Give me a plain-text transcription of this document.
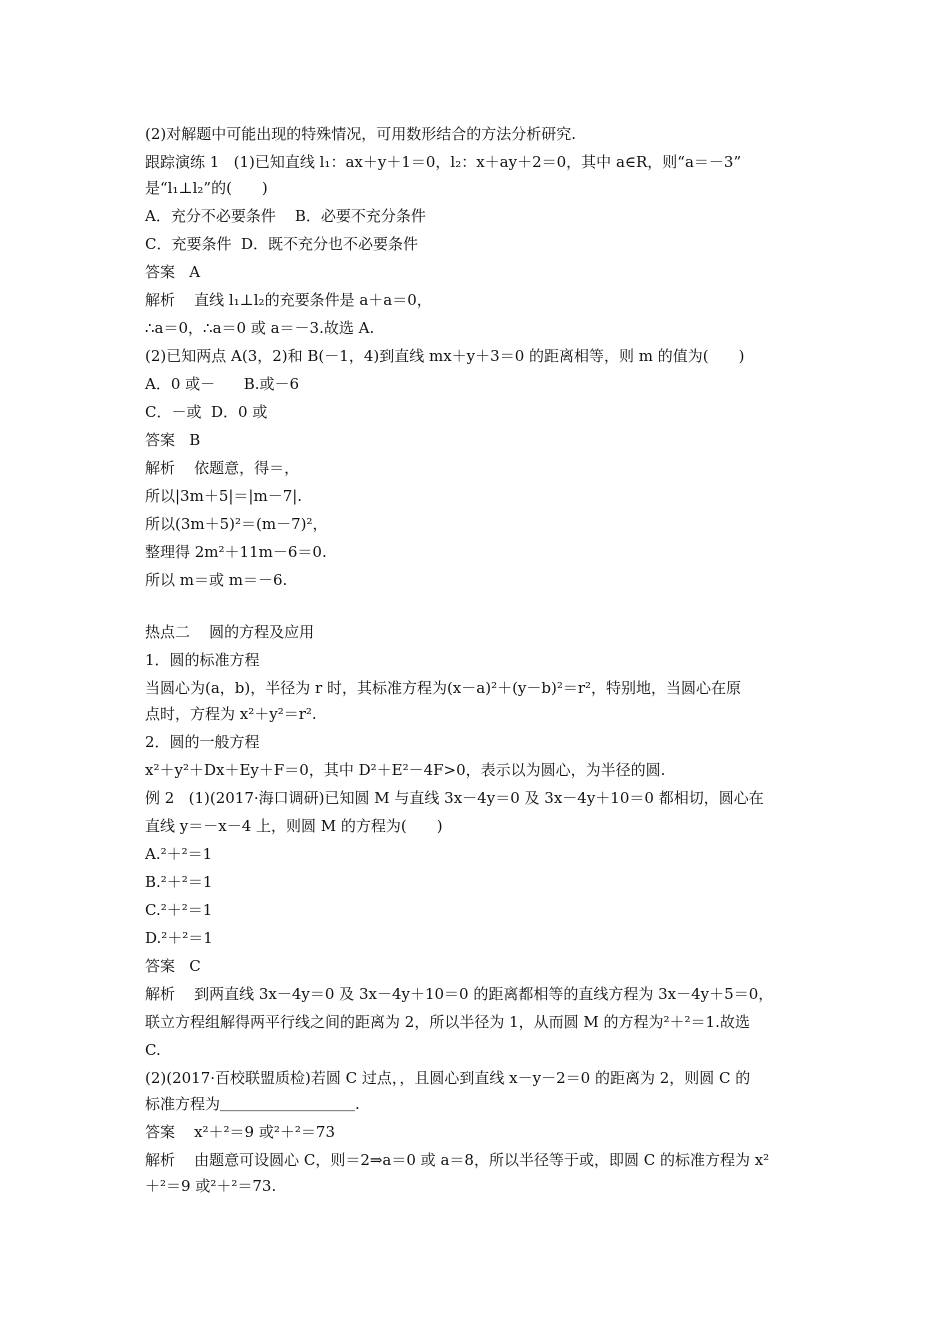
(2)对解题中可能出现的特殊情况，可用数形结合的方法分析研究.
跟踪演练 1   (1)已知直线 l₁：ax＋y＋1＝0，l₂：x＋ay＋2＝0，其中 a∈R，则“a＝－3”
是“l₁⊥l₂”的(　　)
A．充分不必要条件    B．必要不充分条件
C．充要条件  D．既不充分也不必要条件
答案   A
解析    直线 l₁⊥l₂的充要条件是 a＋a＝0，
∴a＝0，∴a＝0 或 a＝－3.故选 A.
(2)已知两点 A(3，2)和 B(－1，4)到直线 mx＋y＋3＝0 的距离相等，则 m 的值为(　　)
A．0 或－      B.或－6
C．－或  D．0 或
答案   B
解析    依题意，得＝，
所以|3m＋5|＝|m－7|.
所以(3m＋5)²＝(m－7)²，
整理得 2m²＋11m－6＝0.
所以 m＝或 m＝－6.
热点二    圆的方程及应用
1．圆的标准方程
当圆心为(a，b)，半径为 r 时，其标准方程为(x－a)²＋(y－b)²＝r²，特别地，当圆心在原
点时，方程为 x²＋y²＝r².
2．圆的一般方程
x²＋y²＋Dx＋Ey＋F＝0，其中 D²＋E²－4F>0，表示以为圆心，为半径的圆.
例 2   (1)(2017·海口调研)已知圆 M 与直线 3x－4y＝0 及 3x－4y＋10＝0 都相切，圆心在
直线 y＝－x－4 上，则圆 M 的方程为(　　)
A.²＋²＝1
B.²＋²＝1
C.²＋²＝1
D.²＋²＝1
答案   C
解析    到两直线 3x－4y＝0 及 3x－4y＋10＝0 的距离都相等的直线方程为 3x－4y＋5＝0，
联立方程组解得两平行线之间的距离为 2，所以半径为 1，从而圆 M 的方程为²＋²＝1.故选
C.
(2)(2017·百校联盟质检)若圆 C 过点，，且圆心到直线 x－y－2＝0 的距离为 2，则圆 C 的
标准方程为＿＿＿＿＿＿＿＿＿.
答案    x²＋²＝9 或²＋²＝73
解析    由题意可设圆心 C，则＝2⇒a＝0 或 a＝8，所以半径等于或，即圆 C 的标准方程为 x²
＋²＝9 或²＋²＝73.
